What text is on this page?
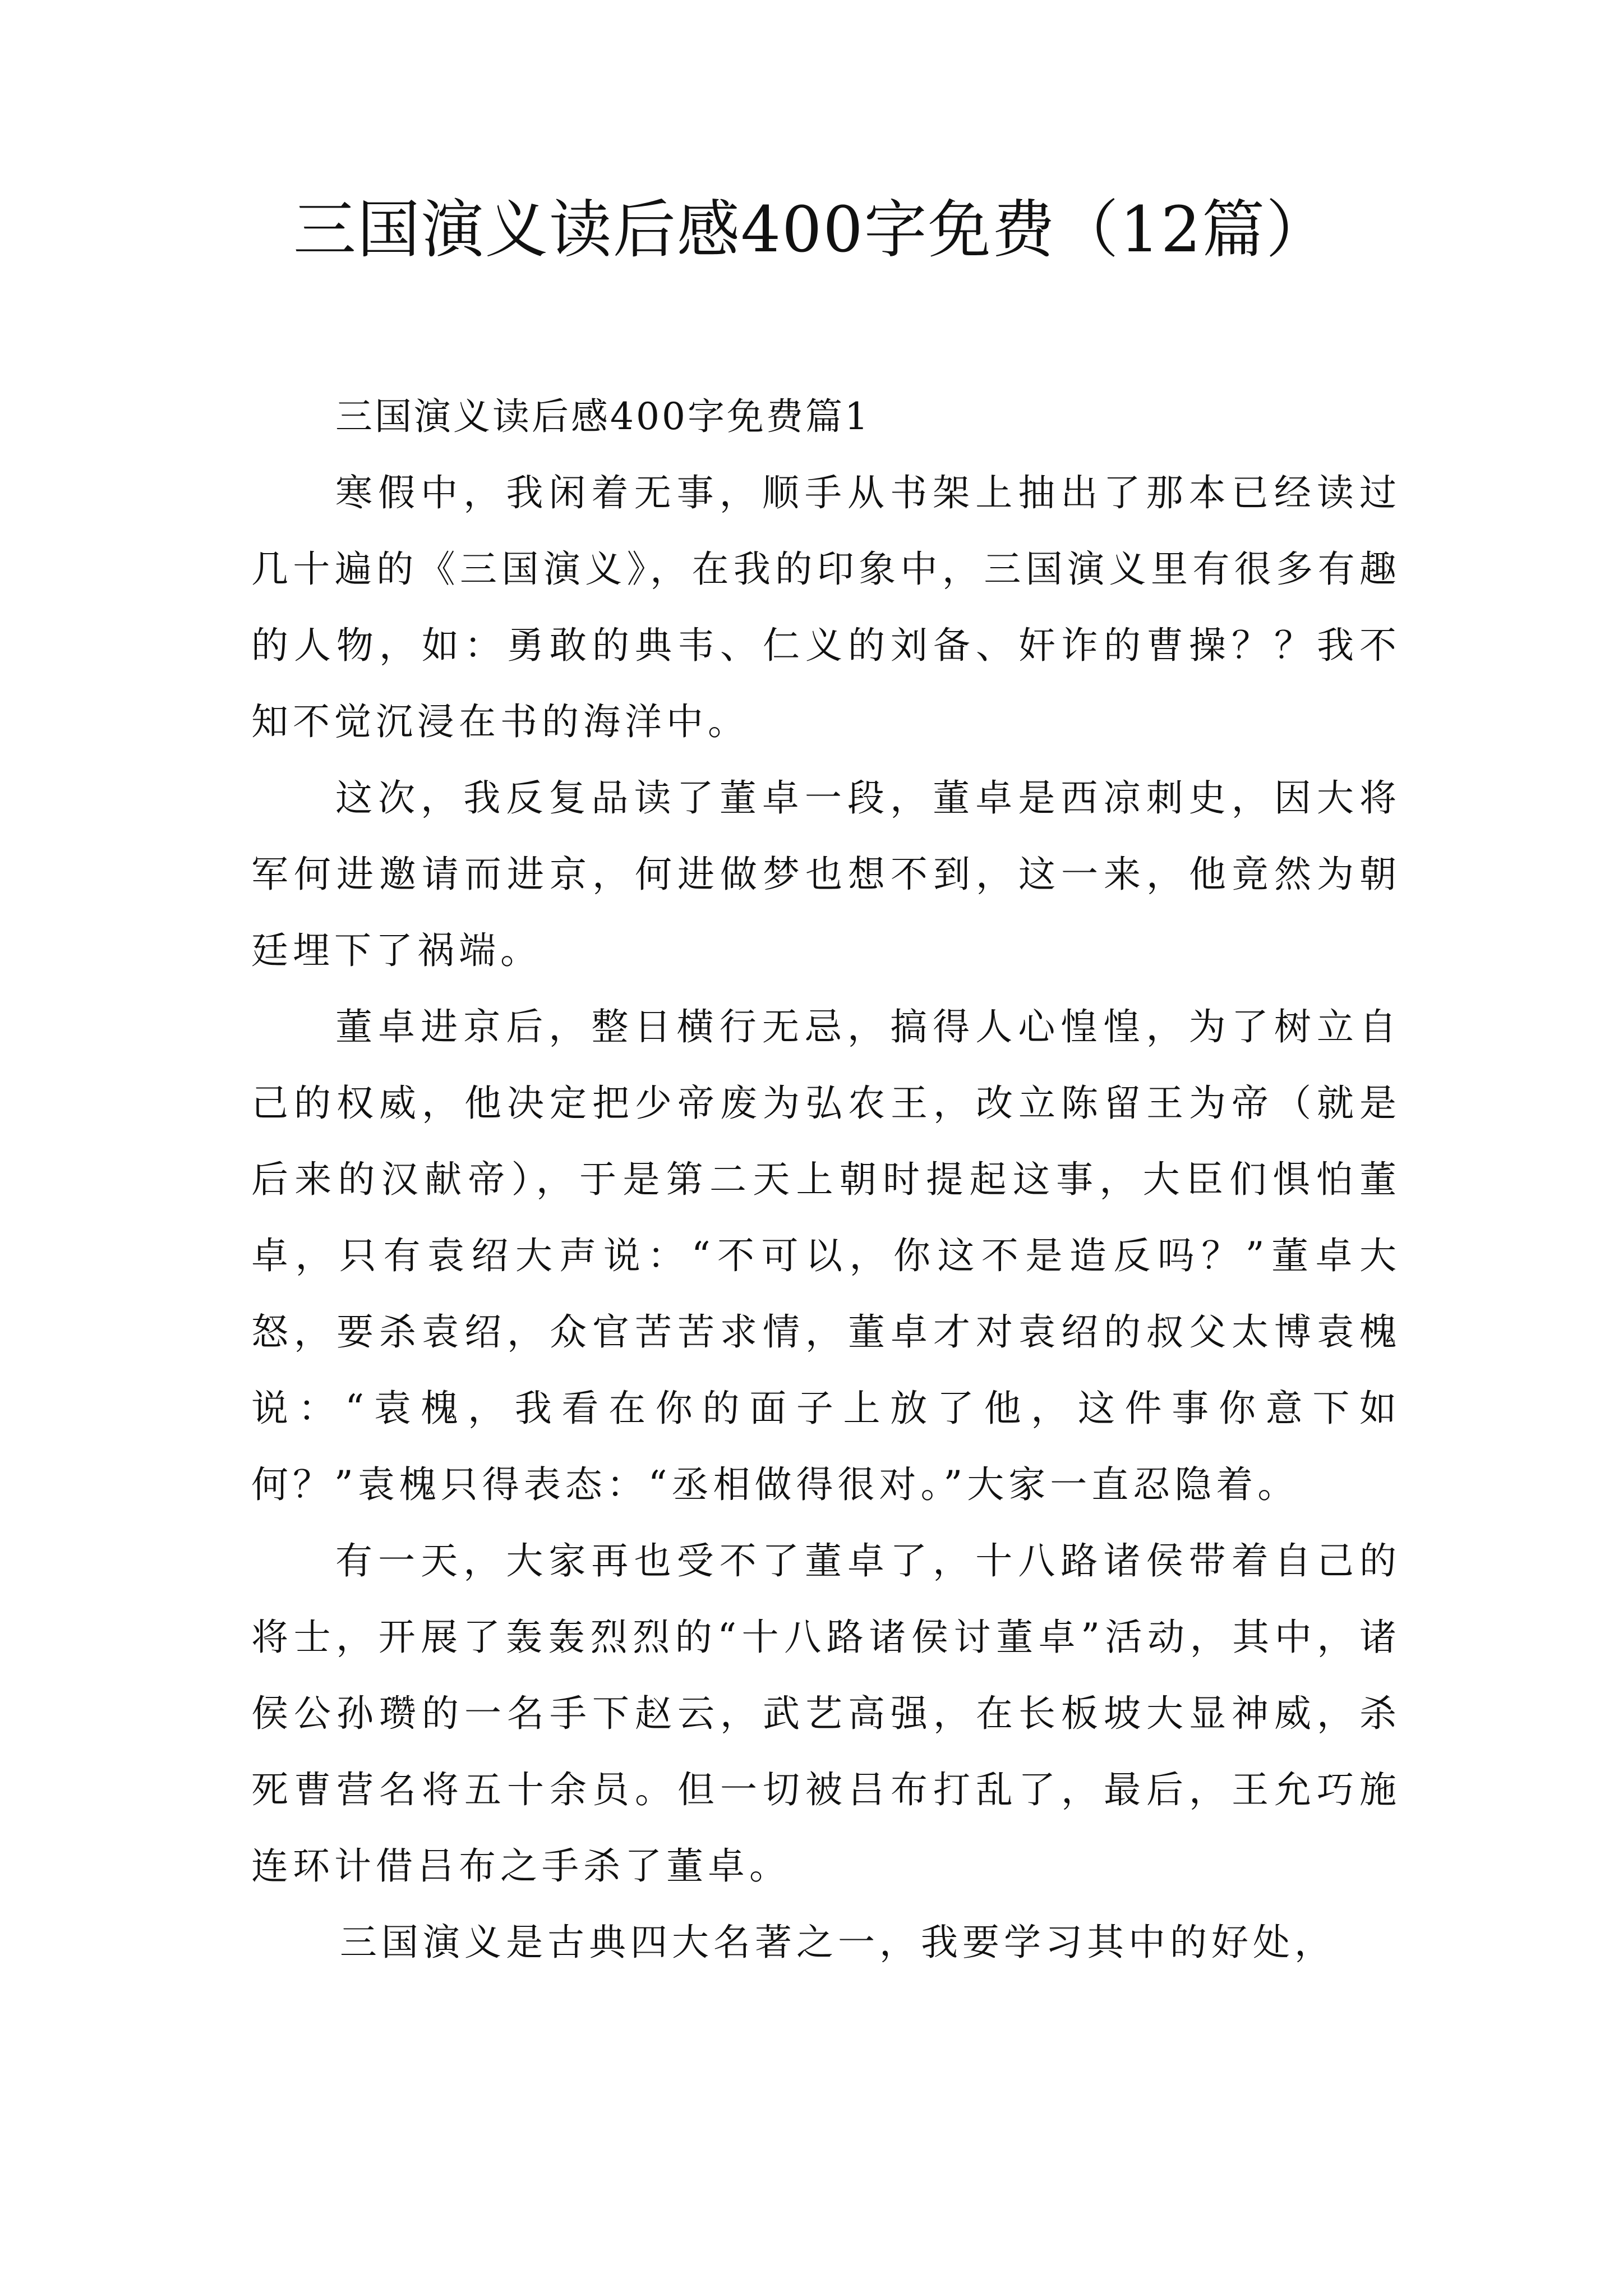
三国演义读后感400字免费（12篇）

三国演义读后感400字免费篇1

寒假中，我闲着无事，顺手从书架上抽出了那本已经读过几十遍的《三国演义》，在我的印象中，三国演义里有很多有趣的人物，如：勇敢的典韦、仁义的刘备、奸诈的曹操？？我不知不觉沉浸在书的海洋中。

这次，我反复品读了董卓一段，董卓是西凉刺史，因大将军何进邀请而进京，何进做梦也想不到，这一来，他竟然为朝廷埋下了祸端。

董卓进京后，整日横行无忌，搞得人心惶惶，为了树立自己的权威，他决定把少帝废为弘农王，改立陈留王为帝（就是后来的汉献帝），于是第二天上朝时提起这事，大臣们惧怕董卓，只有袁绍大声说：“不可以，你这不是造反吗？”董卓大怒，要杀袁绍，众官苦苦求情，董卓才对袁绍的叔父太博袁槐说：“袁槐，我看在你的面子上放了他，这件事你意下如何？”袁槐只得表态：“丞相做得很对。”大家一直忍隐着。

有一天，大家再也受不了董卓了，十八路诸侯带着自己的将士，开展了轰轰烈烈的“十八路诸侯讨董卓”活动，其中，诸侯公孙瓒的一名手下赵云，武艺高强，在长板坡大显神威，杀死曹营名将五十余员。但一切被吕布打乱了，最后，王允巧施连环计借吕布之手杀了董卓。

三国演义是古典四大名著之一，我要学习其中的好处，
